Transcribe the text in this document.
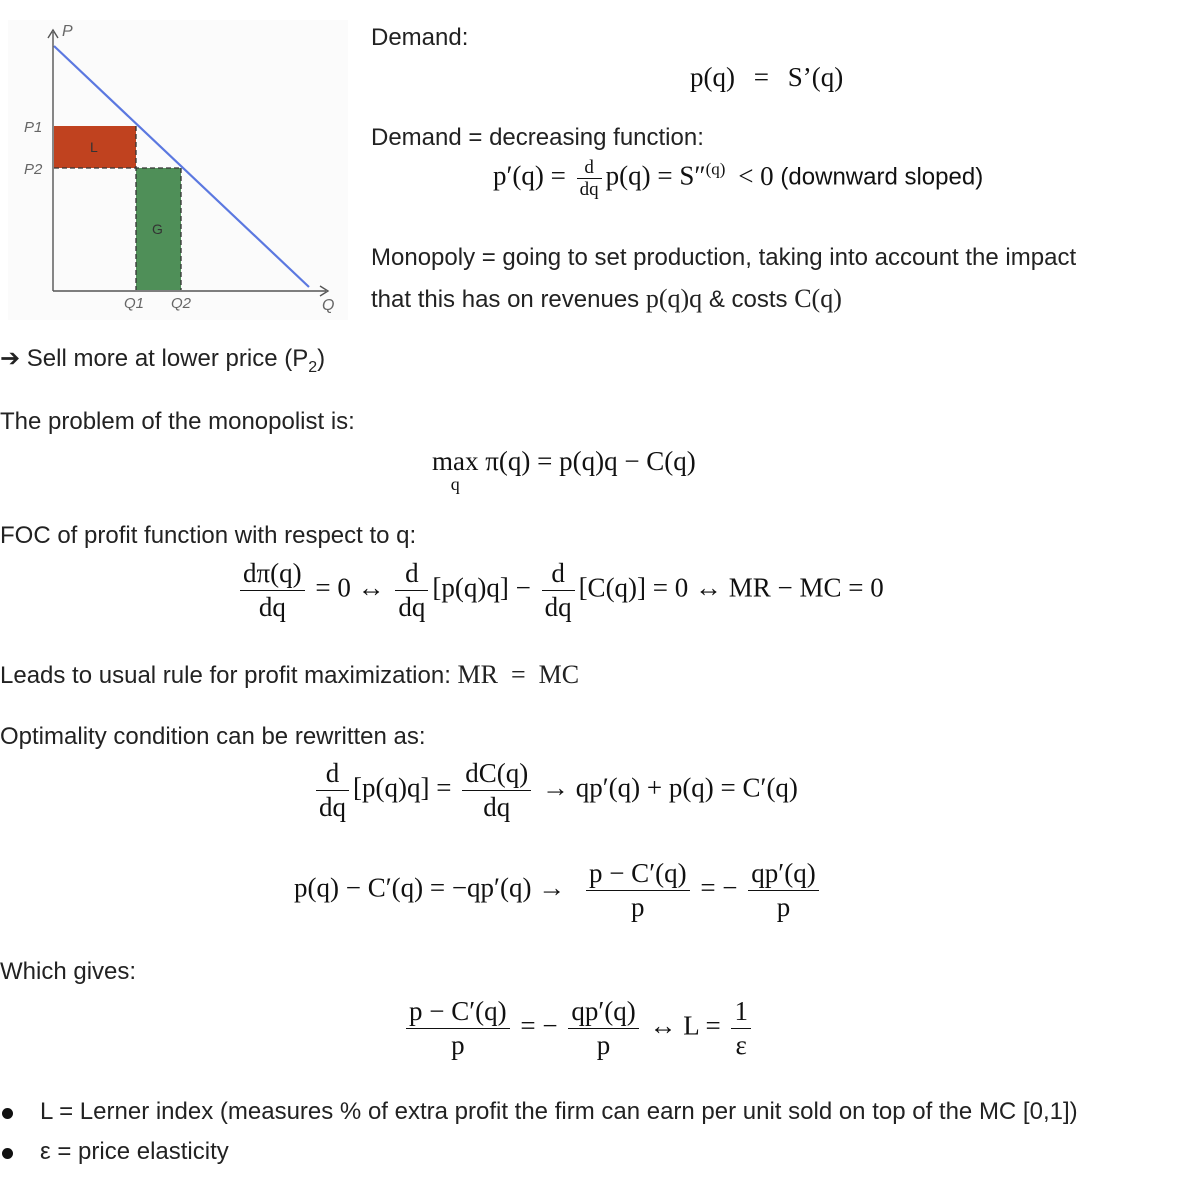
P
Q
P1
P2
Q1 Q2
L
G
Demand:
p(q) = S’(q)
Demand = decreasing function:
$p'(q) = \frac{d}{dq} p(q) = S''^{(q)} < 0$ (downward sloped)
Monopoly = going to set production, taking into account the impact
that this has on revenues p(q)q & costs C(q)
➔ Sell more at lower price $(P_2)$
The problem of the monopolist is:
max
q
π(q) = p(q)q − C(q)
FOC of profit function with respect to q:
$\frac{d\pi(q)}{dq} = 0$ ↔ $\frac{d}{dq} [p(q)q] - \frac{d}{dq} [C(q)] = 0$ ↔ MR − MC = 0
Leads to usual rule for profit maximization: MR  =  MC
Optimality condition can be rewritten as:
$\frac{d}{dq} [p(q)q] = \frac{dC(q)}{dq} \to qp'(q) + p(q) = C'(q)$
$p(q) - C'(q) = -qp'(q) \to \frac{p - C'(q)}{p}$ = − $\frac{qp'(q)}{p}$
Which gives:
$\frac{p - C'(q)}{p}$ = − $\frac{qp'(q)}{p}$ ↔ $L = \frac{1}{\varepsilon}$
L = Lerner index (measures % of extra profit the firm can earn per unit sold on top of the MC [0,1])
ε = price elasticity
